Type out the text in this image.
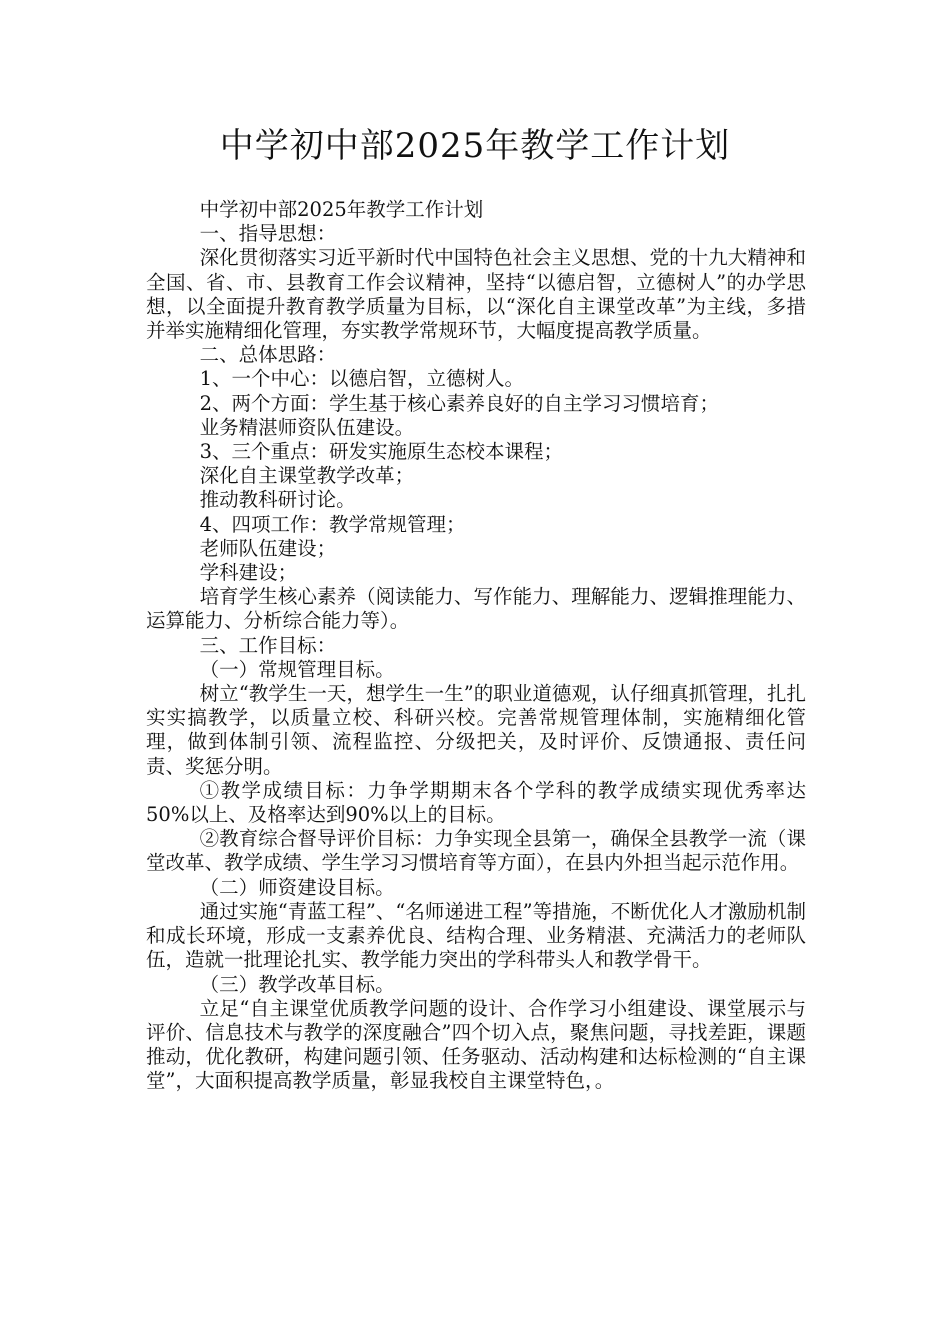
中学初中部2025年教学工作计划

中学初中部2025年教学工作计划

一、指导思想：

深化贯彻落实习近平新时代中国特色社会主义思想、党的十九大精神和全国、省、市、县教育工作会议精神，坚持“以德启智，立德树人”的办学思想，以全面提升教育教学质量为目标，以“深化自主课堂改革”为主线，多措并举实施精细化管理，夯实教学常规环节，大幅度提高教学质量。

二、总体思路：

1、一个中心：以德启智，立德树人。

2、两个方面：学生基于核心素养良好的自主学习习惯培育；

业务精湛师资队伍建设。

3、三个重点：研发实施原生态校本课程；

深化自主课堂教学改革；

推动教科研讨论。

4、四项工作：教学常规管理；

老师队伍建设；

学科建设；

培育学生核心素养（阅读能力、写作能力、理解能力、逻辑推理能力、运算能力、分析综合能力等）。

三、工作目标：

（一）常规管理目标。

树立“教学生一天，想学生一生”的职业道德观，认仔细真抓管理，扎扎实实搞教学，以质量立校、科研兴校。完善常规管理体制，实施精细化管理，做到体制引领、流程监控、分级把关，及时评价、反馈通报、责任问责、奖惩分明。

①教学成绩目标：力争学期期末各个学科的教学成绩实现优秀率达50%以上、及格率达到90%以上的目标。

②教育综合督导评价目标：力争实现全县第一，确保全县教学一流（课堂改革、教学成绩、学生学习习惯培育等方面），在县内外担当起示范作用。

（二）师资建设目标。

通过实施“青蓝工程”、“名师递进工程”等措施，不断优化人才激励机制和成长环境，形成一支素养优良、结构合理、业务精湛、充满活力的老师队伍，造就一批理论扎实、教学能力突出的学科带头人和教学骨干。

（三）教学改革目标。

立足“自主课堂优质教学问题的设计、合作学习小组建设、课堂展示与评价、信息技术与教学的深度融合”四个切入点，聚焦问题，寻找差距，课题推动，优化教研，构建问题引领、任务驱动、活动构建和达标检测的“自主课堂”，大面积提高教学质量，彰显我校自主课堂特色，。
